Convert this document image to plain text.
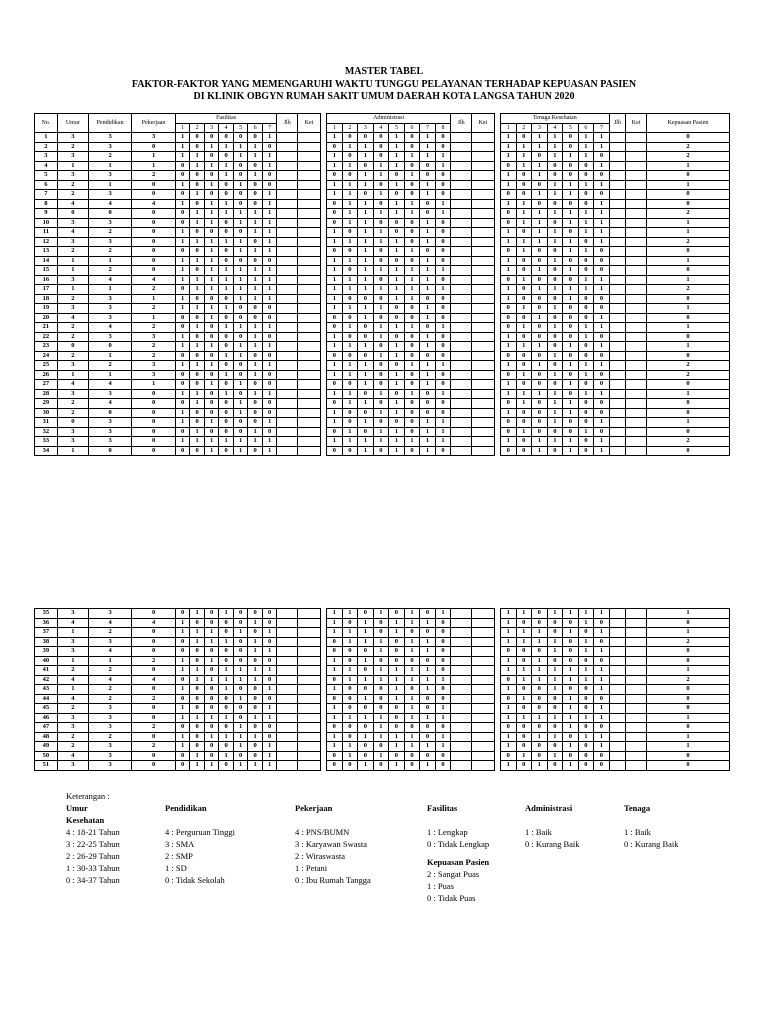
MASTER TABEL
FAKTOR-FAKTOR YANG MEMENGARUHI WAKTU TUNGGU PELAYANAN TERHADAP KEPUASAN PASIEN
DI KLINIK OBGYN RUMAH SAKIT UMUM DAERAH KOTA LANGSA TAHUN 2020
No.	Umur	Pendidikan	Pekerjaan	Fasilitas							Jlh	Ket		Administrasi								Jlh	Ket		Tenaga Kesehatan							Jlh	Ket	Kepuasan Pasien
				1	2	3	4	5	6	7				1	2	3	4	5	6	7	8				1	2	3	4	5	6	7			
1	3	3	3	1	0	0	0	0	0	1				1	0	0	0	1	0	1	0				1	0	1	1	0	1	1			0
2	2	3	0	1	0	1	1	1	1	0				0	1	1	0	1	0	1	0				1	1	1	1	0	1	1			2
3	3	2	1	1	1	0	0	1	1	1				1	0	1	0	1	1	1	1				1	1	0	1	1	1	0			2
4	1	1	1	0	1	1	1	0	0	1				1	1	0	1	1	0	0	1				0	1	1	0	0	0	1			1
5	3	3	2	0	0	0	1	0	1	0				0	0	1	1	0	1	0	0				1	0	1	0	0	0	0			0
6	2	1	0	1	0	1	0	1	0	0				1	1	1	0	1	0	1	0				1	0	0	1	1	1	1			1
7	2	3	0	0	1	0	0	0	0	1				1	1	0	1	0	0	1	0				0	0	1	1	1	0	0			0
8	4	4	4	1	0	1	1	0	0	1				0	1	1	0	1	1	0	1				1	1	0	0	0	0	1			0
9	0	0	0	0	1	1	1	1	1	1				0	1	1	1	1	1	0	1				0	1	1	1	1	1	1			2
10	3	3	0	0	1	1	0	1	1	1				0	1	1	0	0	0	1	0				0	1	1	0	1	1	1			1
11	4	2	0	1	0	0	0	0	1	1				1	0	1	1	0	0	1	0				1	0	1	1	0	1	1			1
12	3	3	0	1	1	1	1	1	0	1				1	1	1	1	1	0	1	0				1	1	1	1	1	0	1			2
13	2	2	0	0	0	1	0	1	1	1				0	0	1	0	1	1	0	0				0	1	0	0	1	1	0			0
14	1	1	0	1	1	1	0	0	0	0				1	1	1	0	0	0	1	0				1	0	0	1	0	0	0			1
15	1	2	0	1	0	1	1	1	1	1				1	0	1	1	1	1	1	1				1	0	1	0	1	0	0			0
16	3	4	4	1	1	1	1	1	1	1				1	1	1	0	1	1	1	0				0	1	0	0	0	1	1			1
17	1	1	2	0	1	1	1	1	1	1				1	1	1	1	1	1	1	1				1	0	1	1	1	1	1			2
18	2	3	1	1	0	0	0	1	1	1				1	0	0	0	1	1	0	0				1	0	0	0	1	0	0			0
19	3	3	2	1	1	1	1	0	0	0				1	1	1	1	0	0	1	0				0	1	0	1	0	0	0			1
20	4	3	1	0	0	1	0	0	0	0				0	0	1	0	0	0	1	0				0	0	1	0	0	0	1			0
21	2	4	2	0	1	0	1	1	1	1				0	1	0	1	1	1	0	1				0	1	0	1	0	1	1			1
22	2	3	3	1	0	0	0	0	1	0				1	0	0	1	0	0	1	0				1	0	0	0	0	1	0			0
23	0	0	2	1	1	1	0	1	1	1				1	1	1	0	1	0	1	0				1	1	1	0	1	0	1			1
24	2	1	2	0	0	0	1	1	0	0				0	0	0	1	1	0	0	0				0	0	0	1	0	0	0			0
25	3	2	3	1	1	1	0	0	1	1				1	1	1	0	0	1	1	1				1	0	1	0	1	1	1			2
26	1	1	3	0	0	0	1	0	1	0				1	1	1	0	1	0	1	0				0	1	0	1	0	1	0			2
27	4	4	1	0	0	1	0	1	0	0				0	0	1	0	1	0	1	0				1	0	0	0	1	0	0			0
28	3	3	0	1	1	0	1	0	1	1				1	1	0	1	0	1	0	1				1	1	1	1	0	1	1			1
29	2	4	0	0	1	0	0	1	0	0				0	1	1	0	1	0	0	0				0	1	0	1	1	0	0			0
30	2	0	0	1	0	0	0	1	0	0				1	0	0	1	1	0	0	0				1	0	0	1	1	0	0			0
31	0	3	0	1	0	1	0	0	0	1				1	0	1	0	0	0	1	1				0	0	0	1	0	0	1			1
32	3	3	0	0	1	0	0	0	1	0				0	1	0	1	1	0	1	1				0	1	0	0	0	1	0			0
33	3	3	0	1	1	1	1	1	1	1				1	1	1	1	1	1	1	1				1	0	1	1	1	0	1			2
34	1	0	0	0	0	1	0	1	0	1				0	0	1	0	1	0	1	0				0	0	1	0	1	0	1			0
35	3	3	0	0	1	0	1	0	0	0				1	1	0	1	0	1	0	1				1	1	0	1	1	1	1			1
36	4	4	4	1	0	0	0	0	1	0				1	0	1	0	1	1	1	0				1	0	0	0	0	1	0			0
37	1	2	0	1	1	1	0	1	0	1				1	1	1	0	1	0	0	0				1	1	1	0	1	0	1			1
38	3	3	0	0	1	1	1	0	1	0				0	1	1	1	0	1	1	0				1	1	1	1	0	1	0			2
39	3	4	0	0	0	0	0	0	1	1				0	0	0	1	0	1	1	0				0	0	0	1	0	1	1			0
40	1	1	2	1	0	1	0	0	0	0				1	0	1	0	0	0	0	0				1	0	1	0	0	0	0			0
41	2	2	0	1	1	0	1	1	1	1				1	1	0	1	1	1	1	0				1	1	1	1	1	1	1			1
42	4	4	4	0	1	1	1	1	1	0				0	1	1	1	1	1	1	1				0	1	1	1	1	1	1			2
43	1	2	0	1	0	0	1	0	0	1				1	0	0	0	1	0	1	0				1	0	0	1	0	0	1			0
44	4	2	2	0	0	0	0	1	0	0				0	0	1	0	1	1	0	0				0	1	0	0	1	0	0			0
45	2	3	0	1	0	0	0	0	0	1				1	0	0	0	0	1	0	1				1	0	0	0	1	0	1			0
46	3	3	0	1	1	1	1	0	1	1				1	1	1	1	0	1	1	1				1	1	1	1	1	1	1			1
47	3	3	2	0	0	0	0	1	0	0				0	0	0	1	0	0	0	0				0	0	0	0	1	0	0			0
48	2	2	0	1	0	1	1	1	1	0				1	0	1	1	1	1	0	1				1	0	1	1	0	1	1			1
49	2	3	2	1	0	0	0	1	0	1				1	1	0	0	1	1	1	1				1	0	0	0	1	0	1			1
50	4	3	0	0	1	0	1	0	0	1				0	1	0	1	0	0	0	0				0	1	0	1	0	0	0			0
51	3	3	0	0	1	1	0	1	1	1				0	0	1	0	1	0	1	0				1	0	1	0	1	0	0			0
Keterangan :
Umur
Kesehatan
4 : 18-21 Tahun
3 : 22-25 Tahun
2 : 26-29 Tahun
1 : 30-33 Tahun
0 : 34-37 Tahun
Pendidikan
4 : Perguruan Tinggi
3 : SMA
2 : SMP
1 : SD
0 : Tidak Sekolah
Pekerjaan
4 : PNS/BUMN
3 : Karyawan Swasta
2 : Wiraswasta
1 : Petani
0 : Ibu Rumah Tangga
Fasilitas
1 : Lengkap
0 : Tidak Lengkap
Kepuasan Pasien
2 : Sangat Puas
1 : Puas
0 : Tidak Puas
Administrasi
1 : Baik
0 : Kurang Baik
Tenaga
1 : Baik
0 : Kurang Baik
